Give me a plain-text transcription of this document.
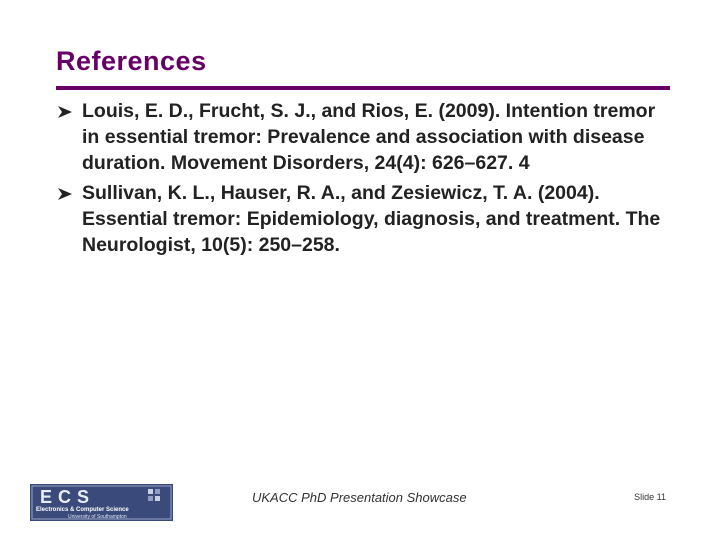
References
Louis, E. D., Frucht, S. J., and Rios, E. (2009). Intention tremor in essential tremor: Prevalence and association with disease duration. Movement Disorders, 24(4): 626–627. 4
Sullivan, K. L., Hauser, R. A., and Zesiewicz, T. A. (2004). Essential tremor: Epidemiology, diagnosis, and treatment. The Neurologist, 10(5): 250–258.
ECS
Electronics & Computer Science
University of Southampton
UKACC PhD Presentation Showcase	Slide 11
